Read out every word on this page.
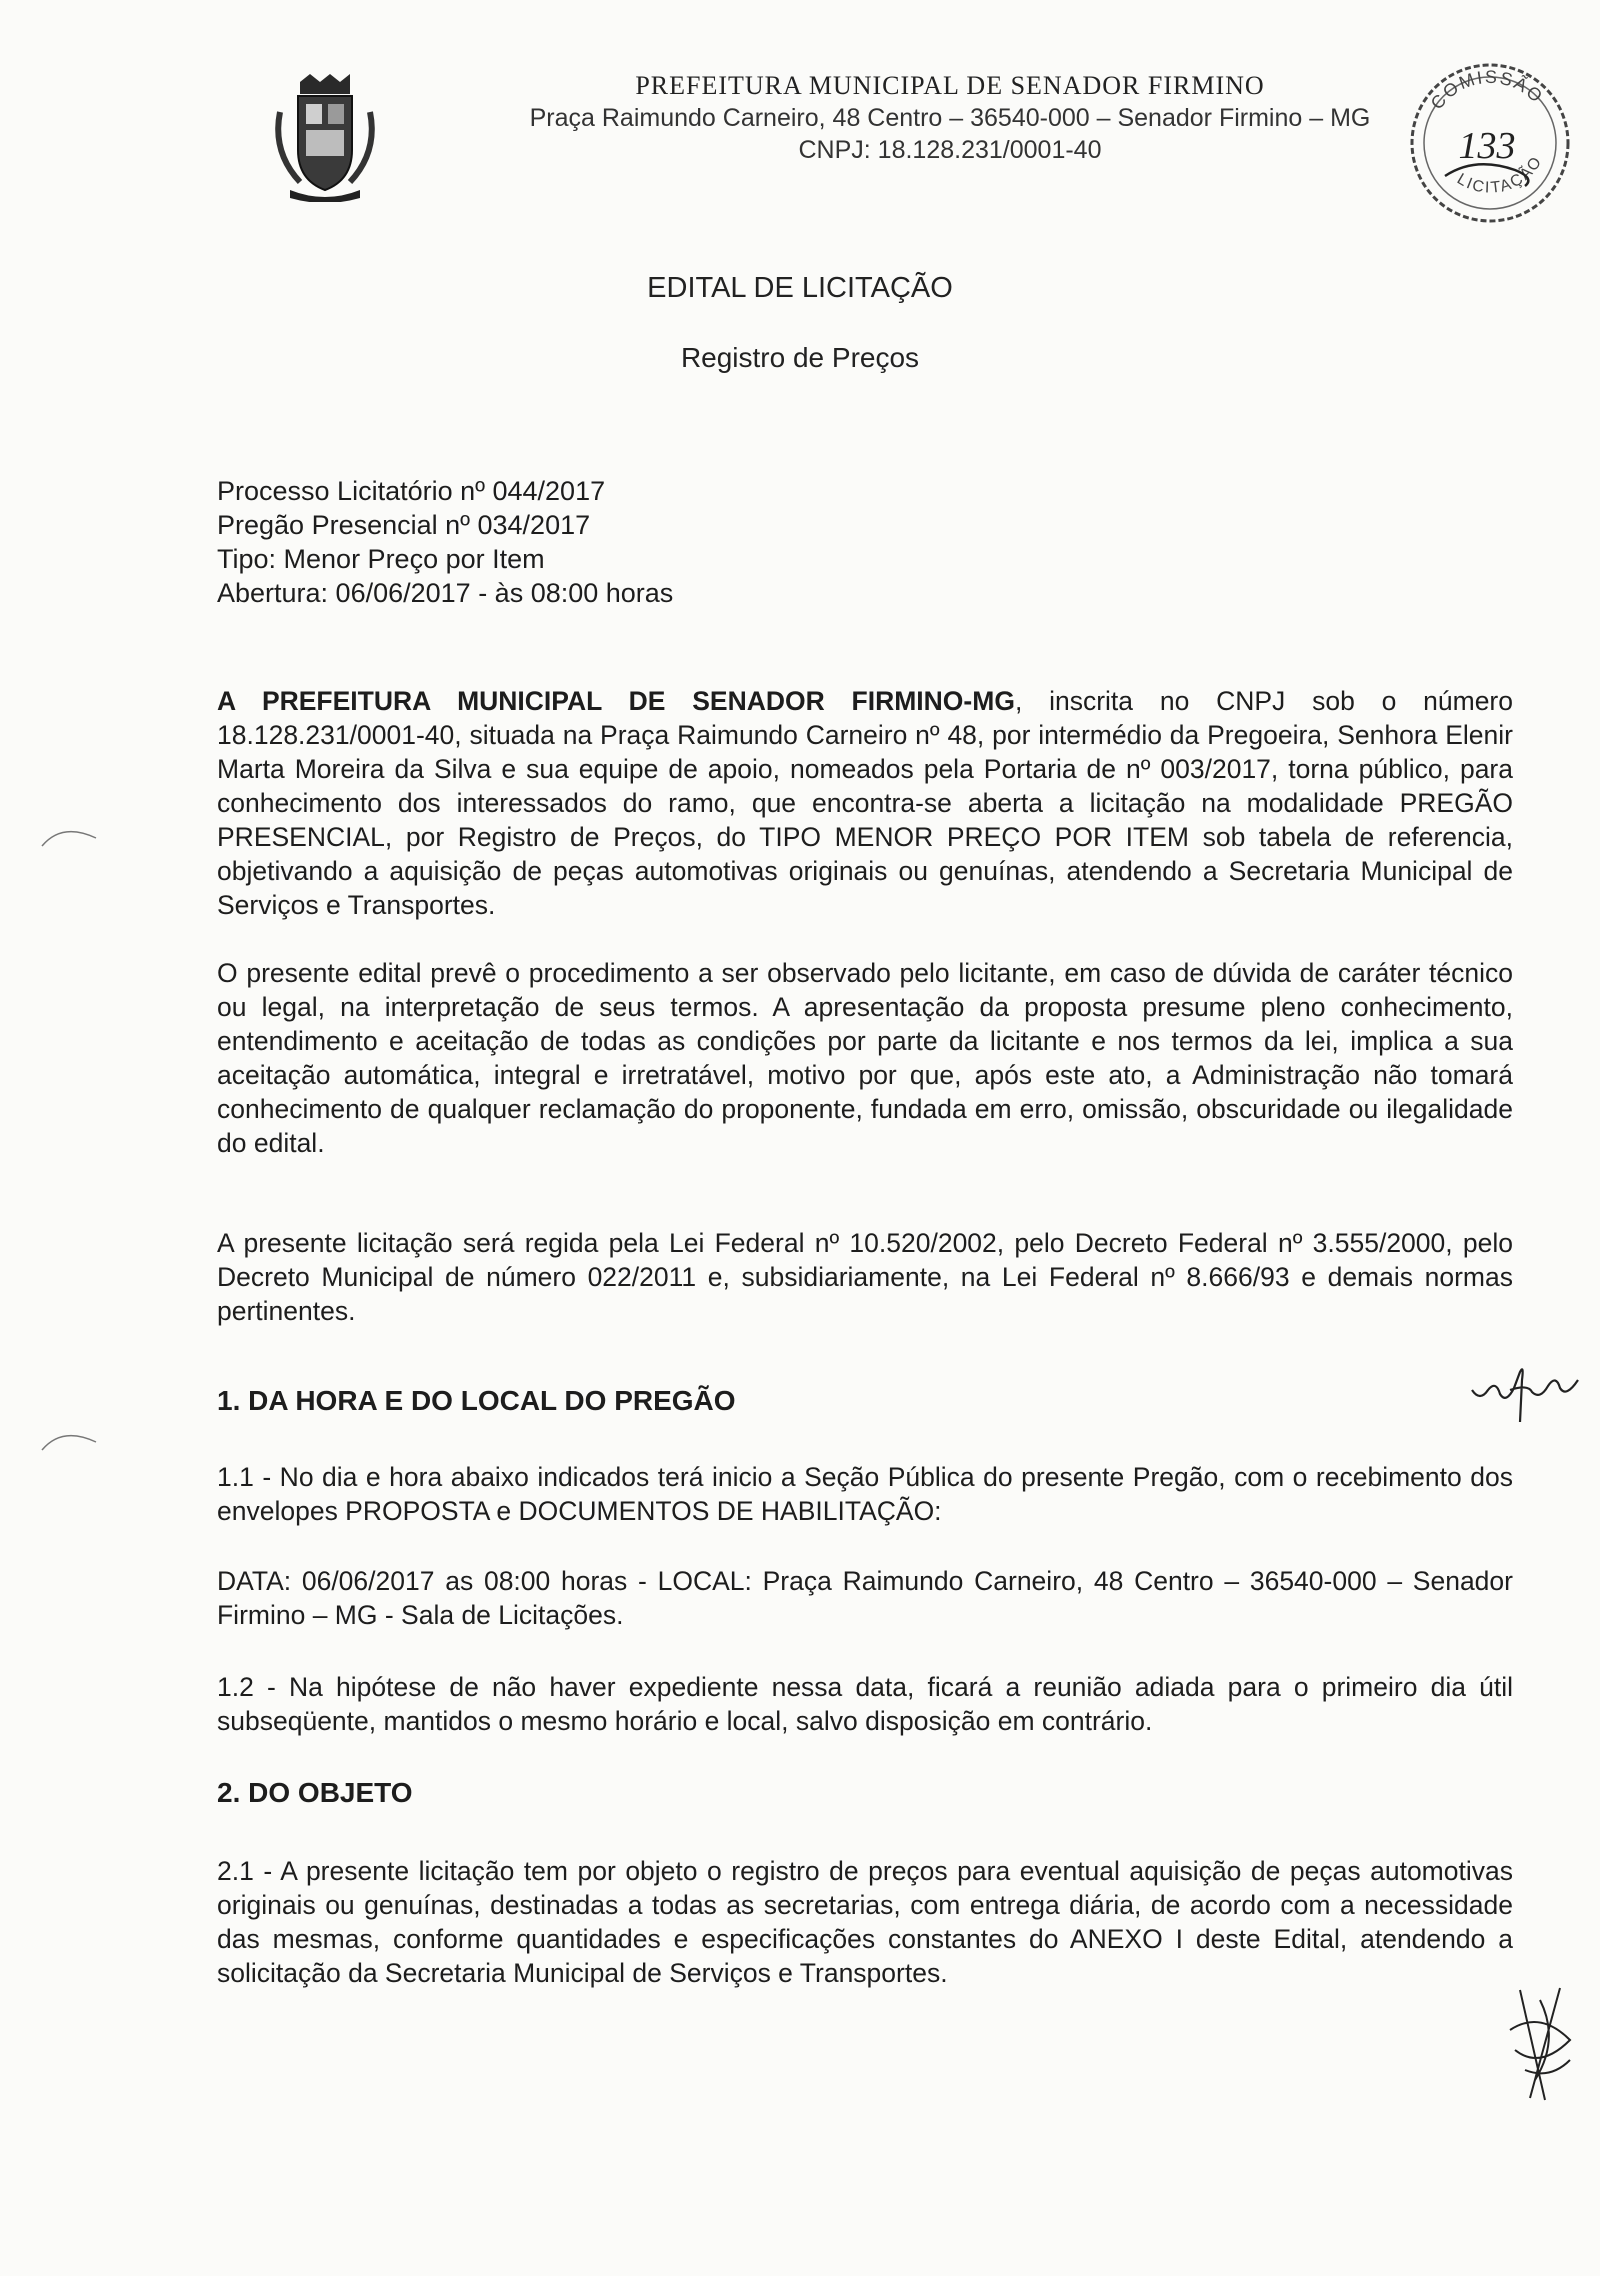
PREFEITURA MUNICIPAL DE SENADOR FIRMINO
Praça Raimundo Carneiro, 48 Centro – 36540-000 – Senador Firmino – MG
CNPJ: 18.128.231/0001-40
COMISSÃO
LICITAÇÃO
133
EDITAL DE LICITAÇÃO
Registro de Preços
Processo Licitatório nº 044/2017
Pregão Presencial nº 034/2017
Tipo: Menor Preço por Item
Abertura: 06/06/2017 - às 08:00 horas
A PREFEITURA MUNICIPAL DE SENADOR FIRMINO-MG, inscrita no CNPJ sob o número 18.128.231/0001-40, situada na Praça Raimundo Carneiro nº 48, por intermédio da Pregoeira, Senhora Elenir Marta Moreira da Silva e sua equipe de apoio, nomeados pela Portaria de nº 003/2017, torna público, para conhecimento dos interessados do ramo, que encontra-se aberta a licitação na modalidade PREGÃO PRESENCIAL, por Registro de Preços, do TIPO MENOR PREÇO POR ITEM sob tabela de referencia, objetivando a aquisição de peças automotivas originais ou genuínas, atendendo a Secretaria Municipal de Serviços e Transportes.
O presente edital prevê o procedimento a ser observado pelo licitante, em caso de dúvida de caráter técnico ou legal, na interpretação de seus termos. A apresentação da proposta presume pleno conhecimento, entendimento e aceitação de todas as condições por parte da licitante e nos termos da lei, implica a sua aceitação automática, integral e irretratável, motivo por que, após este ato, a Administração não tomará conhecimento de qualquer reclamação do proponente, fundada em erro, omissão, obscuridade ou ilegalidade do edital.
A presente licitação será regida pela Lei Federal nº 10.520/2002, pelo Decreto Federal nº 3.555/2000, pelo Decreto Municipal de número 022/2011 e, subsidiariamente, na Lei Federal nº 8.666/93 e demais normas pertinentes.
1. DA HORA E DO LOCAL DO PREGÃO
1.1 - No dia e hora abaixo indicados terá inicio a Seção Pública do presente Pregão, com o recebimento dos envelopes PROPOSTA e DOCUMENTOS DE HABILITAÇÃO:
DATA: 06/06/2017 as 08:00 horas - LOCAL: Praça Raimundo Carneiro, 48 Centro – 36540-000 – Senador Firmino – MG - Sala de Licitações.
1.2 - Na hipótese de não haver expediente nessa data, ficará a reunião adiada para o primeiro dia útil subseqüente, mantidos o mesmo horário e local, salvo disposição em contrário.
2. DO OBJETO
2.1 - A presente licitação tem por objeto o registro de preços para eventual aquisição de peças automotivas originais ou genuínas, destinadas a todas as secretarias, com entrega diária, de acordo com a necessidade das mesmas, conforme quantidades e especificações constantes do ANEXO I deste Edital, atendendo a solicitação da Secretaria Municipal de Serviços e Transportes.
